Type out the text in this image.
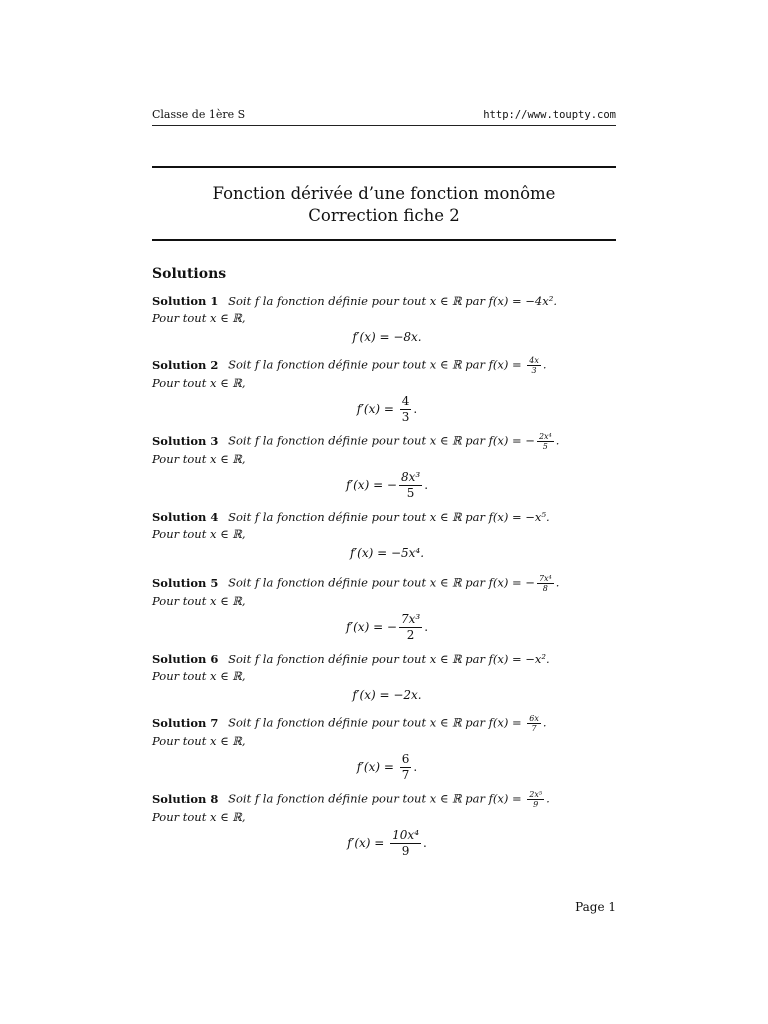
Classe de 1ère S	http://www.toupty.com
Fonction dérivée d’une fonction monôme
Correction fiche 2
Solutions
Solution 1 Soit f la fonction définie pour tout x ∈ ℝ par f(x) = −4x².
Pour tout x ∈ ℝ,
f′(x) = −8x.
Solution 2 Soit f la fonction définie pour tout x ∈ ℝ par $f(x) = \frac{4x}{3}$ .
Pour tout x ∈ ℝ,
f′(x) =
$\frac{4}{3}$ .
Solution 3 Soit f la fonction définie pour tout x ∈ ℝ par f(x) = − $\frac{\text{2x⁴}}{5}$ .
Pour tout x ∈ ℝ,
f′(x) = − $\frac{\text{8x³}}{5}$ .
Solution 4 Soit f la fonction définie pour tout x ∈ ℝ par f(x) = −x⁵.
Pour tout x ∈ ℝ,
f′(x) = −5x⁴.
Solution 5 Soit f la fonction définie pour tout x ∈ ℝ par f(x) = − $\frac{\text{7x⁴}}{8}$ .
Pour tout x ∈ ℝ,
f′(x) = − $\frac{\text{7x³}}{2}$ .
Solution 6 Soit f la fonction définie pour tout x ∈ ℝ par f(x) = −x².
Pour tout x ∈ ℝ,
f′(x) = −2x.
Solution 7 Soit f la fonction définie pour tout x ∈ ℝ par $f(x) = \frac{6x}{7}$ .
Pour tout x ∈ ℝ,
f′(x) =
$\frac{6}{7}$ .
Solution 8 Soit f la fonction définie pour tout x ∈ ℝ par $f(x) = \frac{\text{2x⁵}}{9}$ .
Pour tout x ∈ ℝ,
f′(x) =
$\frac{\text{10x⁴}}{9}$ .
Page 1
